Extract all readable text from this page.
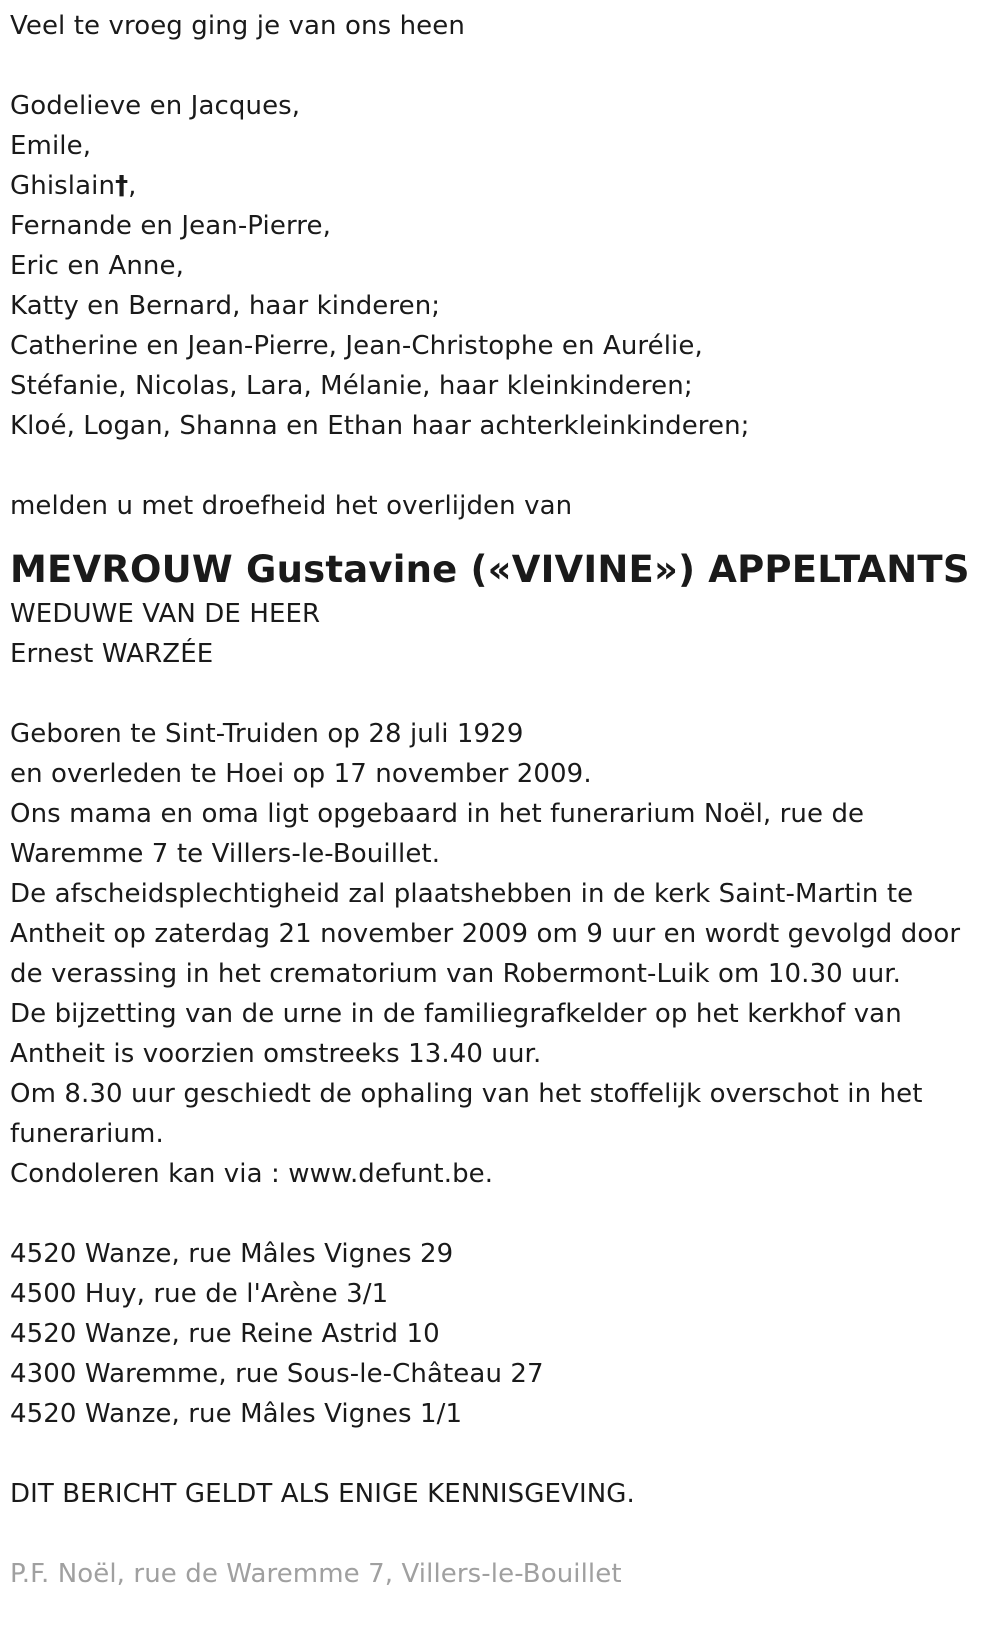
Veel te vroeg ging je van ons heen
Godelieve en Jacques,
Emile,
Ghislain†,
Fernande en Jean-Pierre,
Eric en Anne,
Katty en Bernard, haar kinderen;
Catherine en Jean-Pierre, Jean-Christophe en Aurélie,
Stéfanie, Nicolas, Lara, Mélanie, haar kleinkinderen;
Kloé, Logan, Shanna en Ethan haar achterkleinkinderen;
melden u met droefheid het overlijden van
MEVROUW Gustavine («VIVINE») APPELTANTS
WEDUWE VAN DE HEER
Ernest WARZÉE
Geboren te Sint-Truiden op 28 juli 1929
en overleden te Hoei op 17 november 2009.
Ons mama en oma ligt opgebaard in het funerarium Noël, rue de
Waremme 7 te Villers-le-Bouillet.
De afscheidsplechtigheid zal plaatshebben in de kerk Saint-Martin te
Antheit op zaterdag 21 november 2009 om 9 uur en wordt gevolgd door
de verassing in het crematorium van Robermont-Luik om 10.30 uur.
De bijzetting van de urne in de familiegrafkelder op het kerkhof van
Antheit is voorzien omstreeks 13.40 uur.
Om 8.30 uur geschiedt de ophaling van het stoffelijk overschot in het
funerarium.
Condoleren kan via : www.defunt.be.
4520 Wanze, rue Mâles Vignes 29
4500 Huy, rue de l'Arène 3/1
4520 Wanze, rue Reine Astrid 10
4300 Waremme, rue Sous-le-Château 27
4520 Wanze, rue Mâles Vignes 1/1
DIT BERICHT GELDT ALS ENIGE KENNISGEVING.
P.F. Noël, rue de Waremme 7, Villers-le-Bouillet
